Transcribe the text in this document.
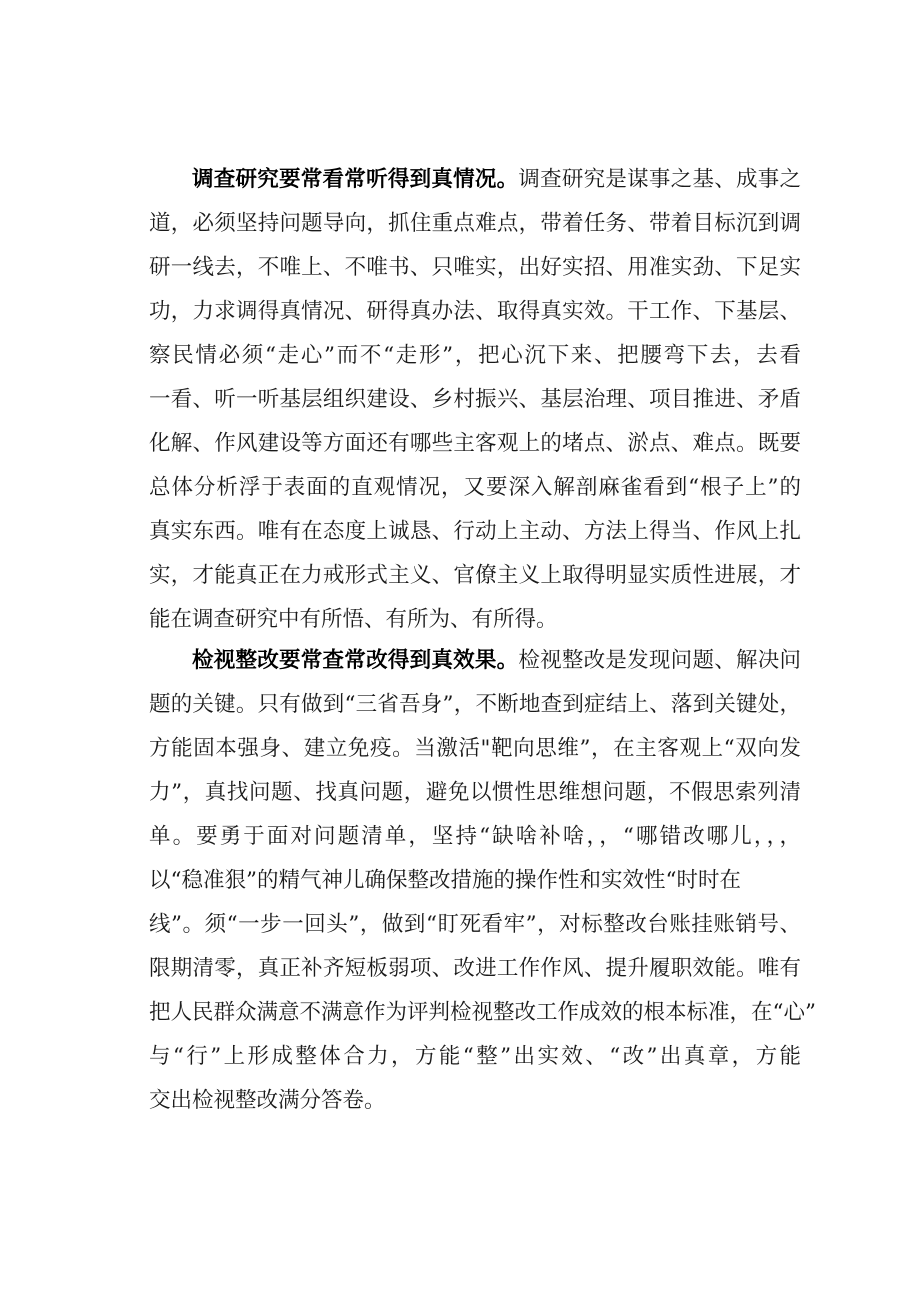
调查研究要常看常听得到真情况。调查研究是谋事之基、成事之
道，必须坚持问题导向，抓住重点难点，带着任务、带着目标沉到调
研一线去，不唯上、不唯书、只唯实，出好实招、用准实劲、下足实
功，力求调得真情况、研得真办法、取得真实效。干工作、下基层、
察民情必须“走心”而不“走形”，把心沉下来、把腰弯下去，去看
一看、听一听基层组织建设、乡村振兴、基层治理、项目推进、矛盾
化解、作风建设等方面还有哪些主客观上的堵点、淤点、难点。既要
总体分析浮于表面的直观情况，又要深入解剖麻雀看到“根子上”的
真实东西。唯有在态度上诚恳、行动上主动、方法上得当、作风上扎
实，才能真正在力戒形式主义、官僚主义上取得明显实质性进展，才
能在调查研究中有所悟、有所为、有所得。
检视整改要常查常改得到真效果。检视整改是发现问题、解决问
题的关键。只有做到“三省吾身”，不断地查到症结上、落到关键处，
方能固本强身、建立免疫。当激活"靶向思维”，在主客观上“双向发
力”，真找问题、找真问题，避免以惯性思维想问题，不假思索列清
单。要勇于面对问题清单，坚持“缺啥补啥，，“哪错改哪儿，，，
以“稳准狠”的精气神儿确保整改措施的操作性和实效性“时时在
线”。须“一步一回头”，做到“盯死看牢”，对标整改台账挂账销号、
限期清零，真正补齐短板弱项、改进工作作风、提升履职效能。唯有
把人民群众满意不满意作为评判检视整改工作成效的根本标准，在“心”
与“行”上形成整体合力，方能“整”出实效、“改”出真章，方能
交出检视整改满分答卷。
